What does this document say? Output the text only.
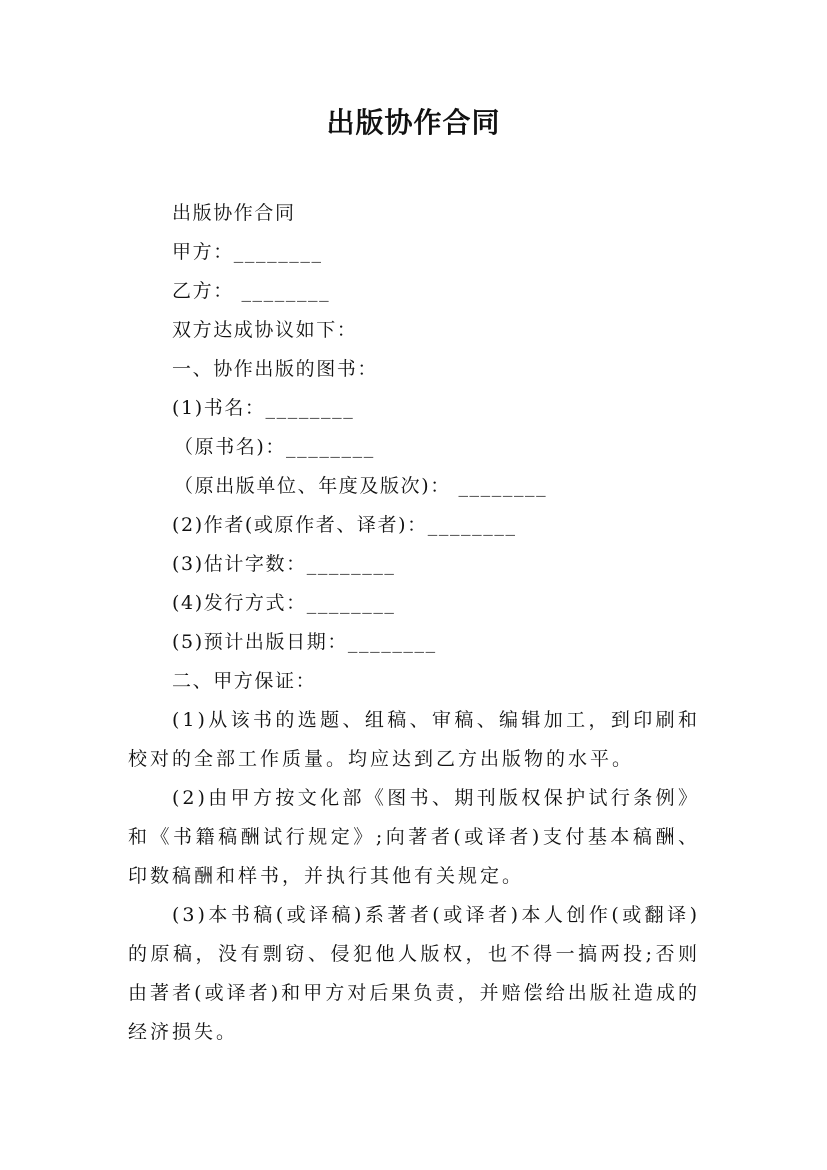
出版协作合同
出版协作合同
甲方：________
乙方： ________
双方达成协议如下：
一、协作出版的图书：
(1)书名：________
（原书名)：________
（原出版单位、年度及版次)： ________
(2)作者(或原作者、译者)：________
(3)估计字数：________
(4)发行方式：________
(5)预计出版日期：________
二、甲方保证：
(1)从该书的选题、组稿、审稿、编辑加工，到印刷和校对的全部工作质量。均应达到乙方出版物的水平。
(2)由甲方按文化部《图书、期刊版权保护试行条例》和《书籍稿酬试行规定》;向著者(或译者)支付基本稿酬、印数稿酬和样书，并执行其他有关规定。
(3)本书稿(或译稿)系著者(或译者)本人创作(或翻译)的原稿，没有剽窃、侵犯他人版权，也不得一搞两投;否则由著者(或译者)和甲方对后果负责，并赔偿给出版社造成的经济损失。
